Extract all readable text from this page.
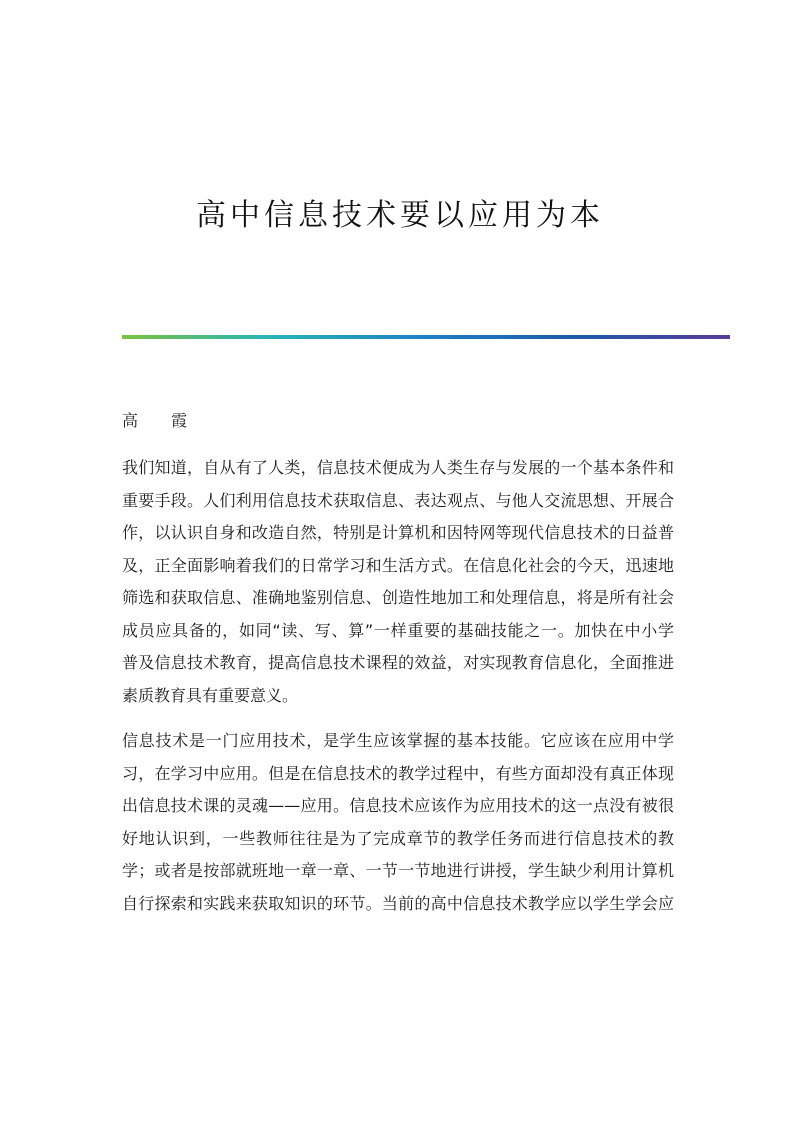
高中信息技术要以应用为本
高 霞

我们知道，自从有了人类，信息技术便成为人类生存与发展的一个基本条件和
重要手段。人们利用信息技术获取信息、表达观点、与他人交流思想、开展合
作，以认识自身和改造自然，特别是计算机和因特网等现代信息技术的日益普
及，正全面影响着我们的日常学习和生活方式。在信息化社会的今天，迅速地
筛选和获取信息、准确地鉴别信息、创造性地加工和处理信息，将是所有社会
成员应具备的，如同“读、写、算”一样重要的基础技能之一。加快在中小学
普及信息技术教育，提高信息技术课程的效益，对实现教育信息化，全面推进
素质教育具有重要意义。

信息技术是一门应用技术，是学生应该掌握的基本技能。它应该在应用中学
习，在学习中应用。但是在信息技术的教学过程中，有些方面却没有真正体现
出信息技术课的灵魂——应用。信息技术应该作为应用技术的这一点没有被很
好地认识到，一些教师往往是为了完成章节的教学任务而进行信息技术的教
学；或者是按部就班地一章一章、一节一节地进行讲授，学生缺少利用计算机
自行探索和实践来获取知识的环节。当前的高中信息技术教学应以学生学会应
